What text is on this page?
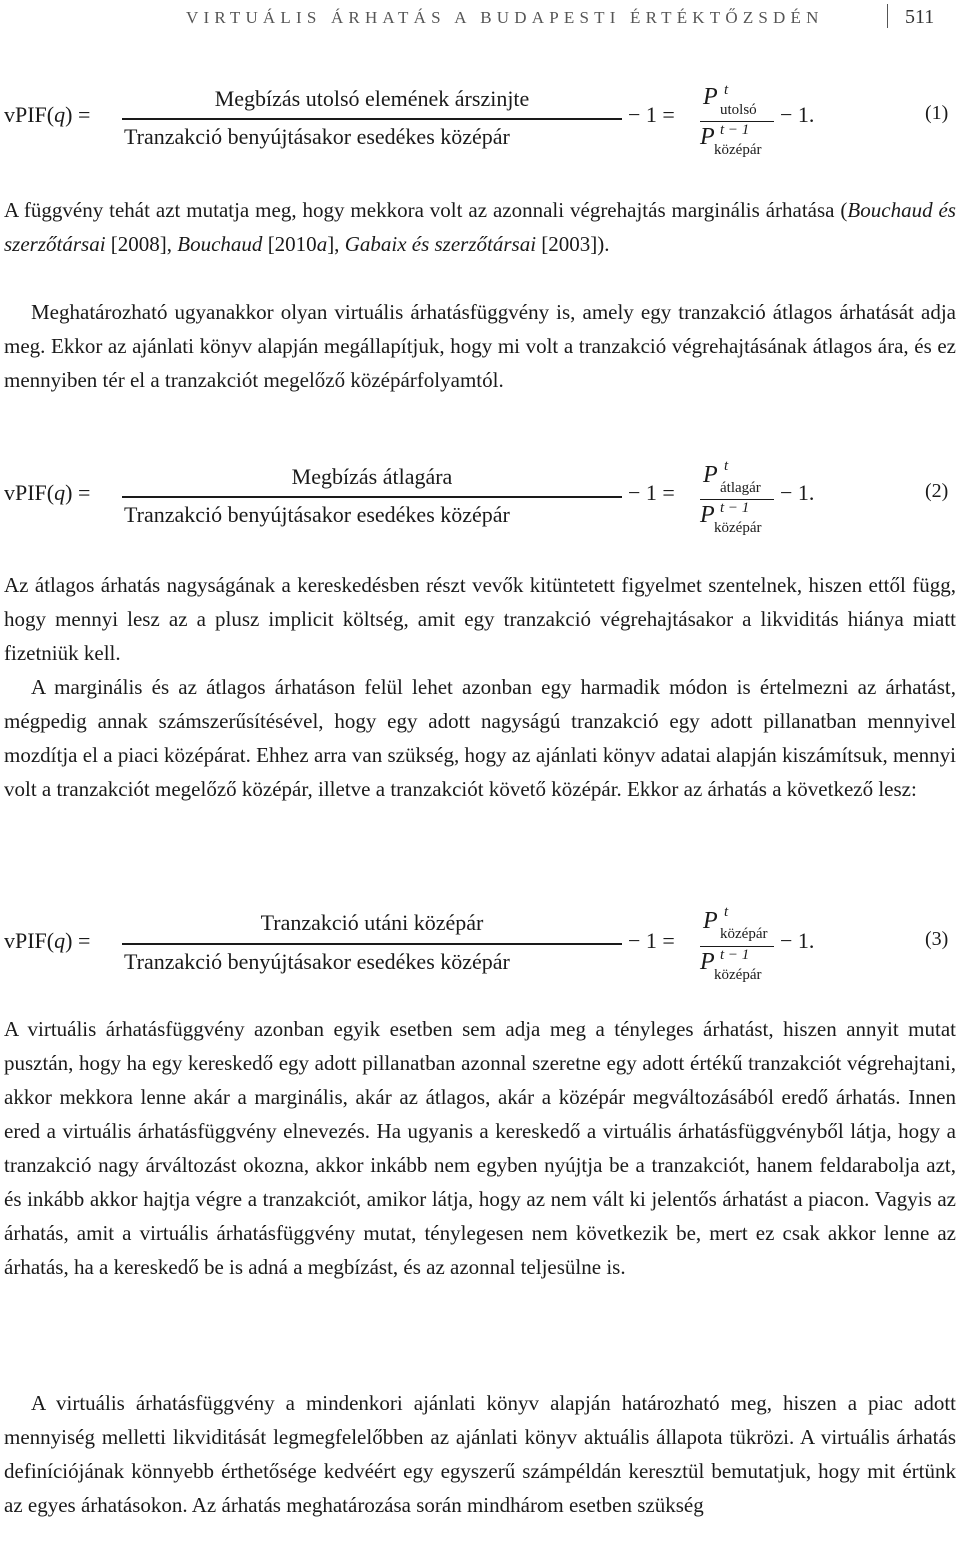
VIRTUÁLIS ÁRHATÁS A BUDAPESTI ÉRTÉKTŐZSDÉN	511
vPIF(q) =
Megbízás utolsó elemének árszinjte
Tranzakció benyújtásakor esedékes középár
− 1 =
P t
utolsó
P t − 1
középár
− 1.	(1)

A függvény tehát azt mutatja meg, hogy mekkora volt az azonnali végrehajtás marginális árhatása (Bouchaud és szerzőtársai [2008], Bouchaud [2010a], Gabaix és szerzőtársai [2003]).

Meghatározható ugyanakkor olyan virtuális árhatásfüggvény is, amely egy tranzakció átlagos árhatását adja meg. Ekkor az ajánlati könyv alapján megállapítjuk, hogy mi volt a tranzakció végrehajtásának átlagos ára, és ez mennyiben tér el a tranzakciót megelőző középárfolyamtól.

vPIF(q) =
Megbízás átlagára
Tranzakció benyújtásakor esedékes középár
− 1 =
P t
átlagár
P t − 1
középár
− 1.	(2)

Az átlagos árhatás nagyságának a kereskedésben részt vevők kitüntetett figyelmet szentelnek, hiszen ettől függ, hogy mennyi lesz az a plusz implicit költség, amit egy tranzakció végrehajtásakor a likviditás hiánya miatt fizetniük kell.

A marginális és az átlagos árhatáson felül lehet azonban egy harmadik módon is értelmezni az árhatást, mégpedig annak számszerűsítésével, hogy egy adott nagyságú tranzakció egy adott pillanatban mennyivel mozdítja el a piaci középárat. Ehhez arra van szükség, hogy az ajánlati könyv adatai alapján kiszámítsuk, mennyi volt a tranzakciót megelőző középár, illetve a tranzakciót követő középár. Ekkor az árhatás a következő lesz:

vPIF(q) =
Tranzakció utáni középár
Tranzakció benyújtásakor esedékes középár
− 1 =
P t
középár
P t − 1
középár
− 1.	(3)

A virtuális árhatásfüggvény azonban egyik esetben sem adja meg a tényleges árhatást, hiszen annyit mutat pusztán, hogy ha egy kereskedő egy adott pillanatban azonnal szeretne egy adott értékű tranzakciót végrehajtani, akkor mekkora lenne akár a marginális, akár az átlagos, akár a középár megváltozásából eredő árhatás. Innen ered a virtuális árhatásfüggvény elnevezés. Ha ugyanis a kereskedő a virtuális árhatásfüggvényből látja, hogy a tranzakció nagy árváltozást okozna, akkor inkább nem egyben nyújtja be a tranzakciót, hanem feldarabolja azt, és inkább akkor hajtja végre a tranzakciót, amikor látja, hogy az nem vált ki jelentős árhatást a piacon. Vagyis az árhatás, amit a virtuális árhatásfüggvény mutat, ténylegesen nem következik be, mert ez csak akkor lenne az árhatás, ha a kereskedő be is adná a megbízást, és az azonnal teljesülne is.

A virtuális árhatásfüggvény a mindenkori ajánlati könyv alapján határozható meg, hiszen a piac adott mennyiség melletti likviditását legmegfelelőbben az ajánlati könyv aktuális állapota tükrözi. A virtuális árhatás definíciójának könnyebb érthetősége kedvéért egy egyszerű számpéldán keresztül bemutatjuk, hogy mit értünk az egyes árhatásokon. Az árhatás meghatározása során mindhárom esetben szükség
